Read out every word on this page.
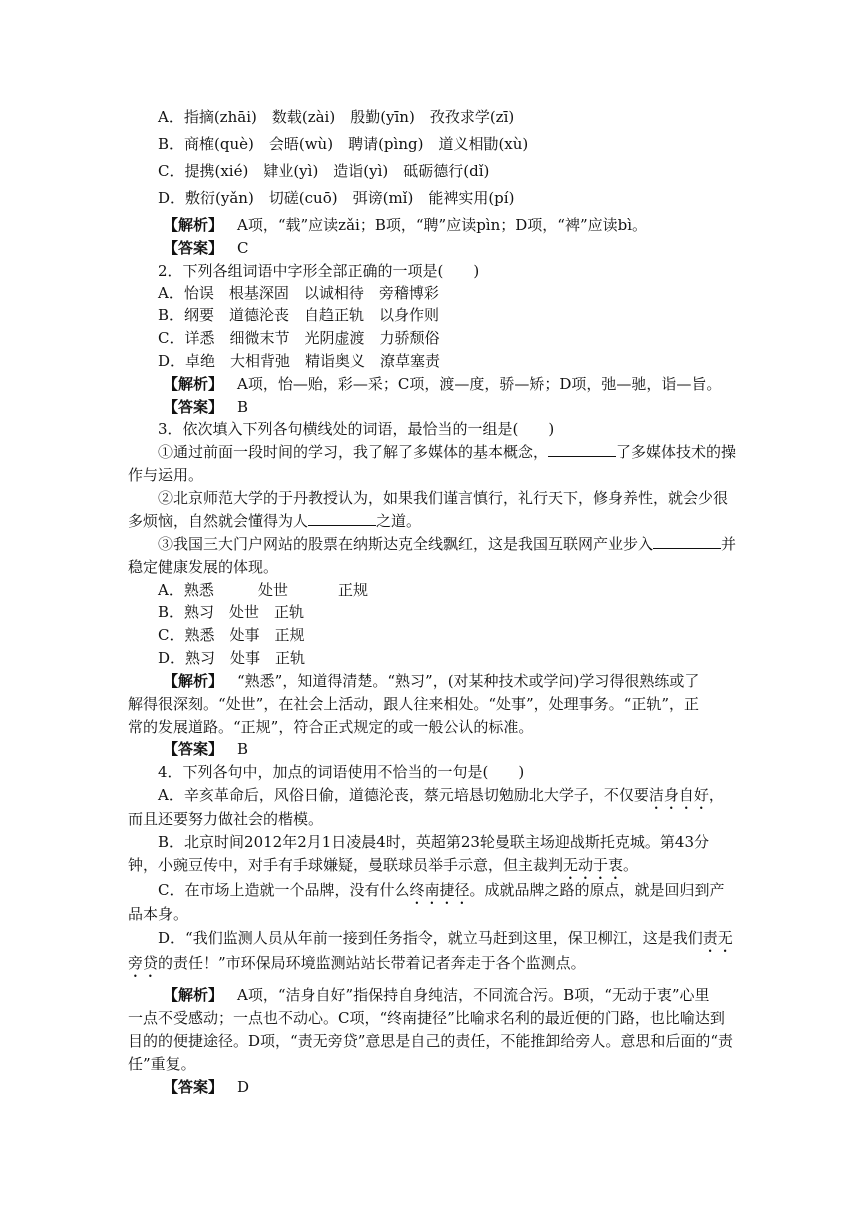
A．指摘(zhāi)　数载(zài)　殷勤(yīn)　孜孜求学(zī)
B．商榷(què)　会晤(wù)　聘请(pìng)　道义相勖(xù)
C．提携(xié)　肄业(yì)　造诣(yì)　砥砺德行(dǐ)
D．敷衍(yǎn)　切磋(cuō)　弭谤(mǐ)　能裨实用(pí)
【解析】 A项，“载”应读zǎi；B项，“聘”应读pìn；D项，“裨”应读bì。
【答案】 C
2．下列各组词语中字形全部正确的一项是(　　)
A．怡误　根基深固　以诚相待　旁稽博彩
B．纲要　道德沦丧　自趋正轨　以身作则
C．详悉　细微末节　光阴虚渡　力骄颓俗
D．卓绝　大相背弛　精诣奥义　潦草塞责
【解析】 A项，怡—贻，彩—采；C项，渡—度，骄—矫；D项，弛—驰，诣—旨。
【答案】 B
3．依次填入下列各句横线处的词语，最恰当的一组是(　　)
①通过前面一段时间的学习，我了解了多媒体的基本概念，	了多媒体技术的操
作与运用。
②北京师范大学的于丹教授认为，如果我们谨言慎行，礼行天下，修身养性，就会少很
多烦恼，自然就会懂得为人	之道。
③我国三大门户网站的股票在纳斯达克全线飘红，这是我国互联网产业步入	并
稳定健康发展的体现。
A．熟悉	处世	正规
B．熟习　处世　正轨
C．熟悉　处事　正规
D．熟习　处事　正轨
【解析】 “熟悉”，知道得清楚。“熟习”，(对某种技术或学问)学习得很熟练或了
解得很深刻。“处世”，在社会上活动，跟人往来相处。“处事”，处理事务。“正轨”，正
常的发展道路。“正规”，符合正式规定的或一般公认的标准。
【答案】 B
4．下列各句中，加点的词语使用不恰当的一句是(　　)
A．辛亥革命后，风俗日偷，道德沦丧，蔡元培恳切勉励北大学子，不仅要洁身自好，
而且还要努力做社会的楷模。
B．北京时间2012年2月1日凌晨4时，英超第23轮曼联主场迎战斯托克城。第43分
钟，小豌豆传中，对手有手球嫌疑，曼联球员举手示意，但主裁判无动于衷。
C．在市场上造就一个品牌，没有什么终南捷径。成就品牌之路的原点，就是回归到产
品本身。
D．“我们监测人员从年前一接到任务指令，就立马赶到这里，保卫柳江，这是我们责无
旁贷的责任！”市环保局环境监测站站长带着记者奔走于各个监测点。
【解析】 A项，“洁身自好”指保持自身纯洁，不同流合污。B项，“无动于衷”心里
一点不受感动；一点也不动心。C项，“终南捷径”比喻求名利的最近便的门路，也比喻达到
目的的便捷途径。D项，“责无旁贷”意思是自己的责任，不能推卸给旁人。意思和后面的“责
任”重复。
【答案】 D
